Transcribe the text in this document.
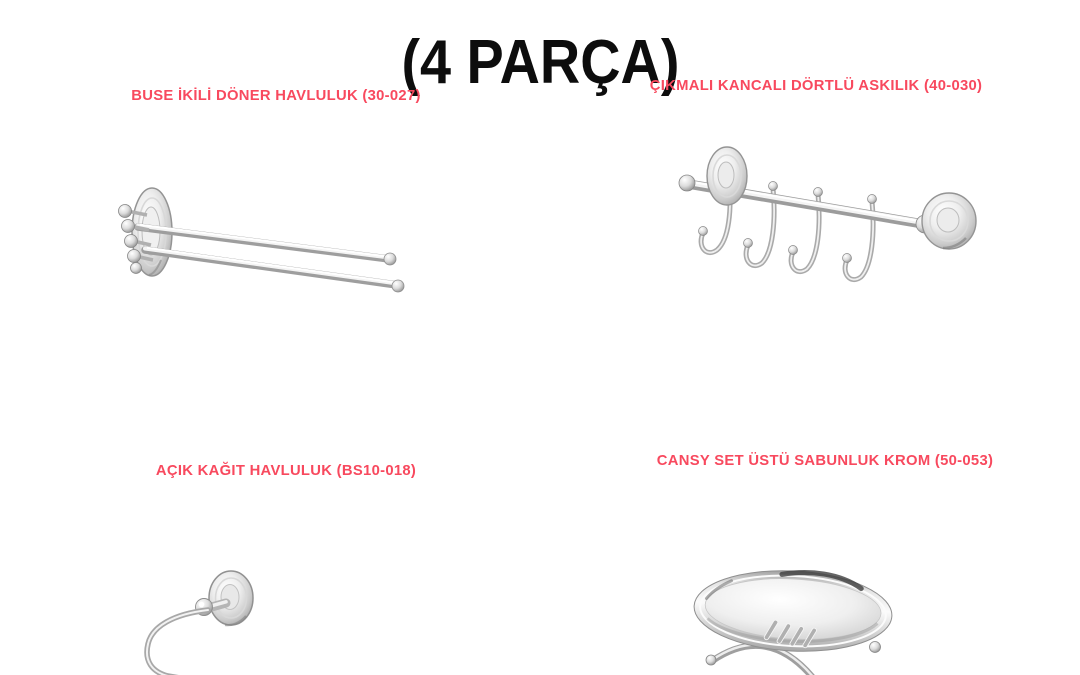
(4 PARÇA)
BUSE İKİLİ DÖNER HAVLULUK (30-027)
ÇIKMALI KANCALI DÖRTLÜ ASKILIK (40-030)
AÇIK KAĞIT HAVLULUK (BS10-018)
CANSY SET ÜSTÜ SABUNLUK KROM (50-053)
